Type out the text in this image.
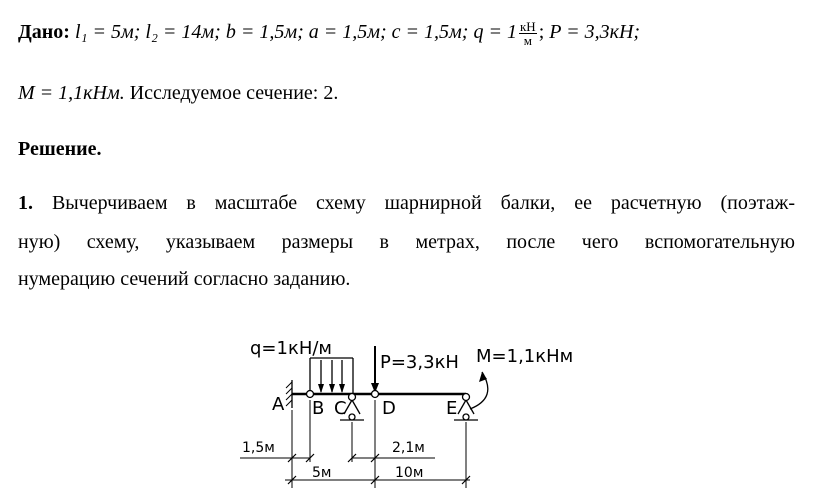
Дано: l₁ = 5м; l₂ = 14м; b = 1,5м; a = 1,5м; c = 1,5м; $q = 1 \frac{кН}{м}$ ; P = 3,3кН;
M = 1,1кНм. Исследуемое сечение: 2.
Решение.
1. Вычерчиваем в масштабе схему шарнирной балки, ее расчетную (поэтаж-
ную) схему, указываем размеры в метрах, после чего вспомогательную
нумерацию сечений согласно заданию.
q=1кН/м
P=3,3кН M=1,1кНм
A B C D	E
1,5м	2,1м
5м	10м
